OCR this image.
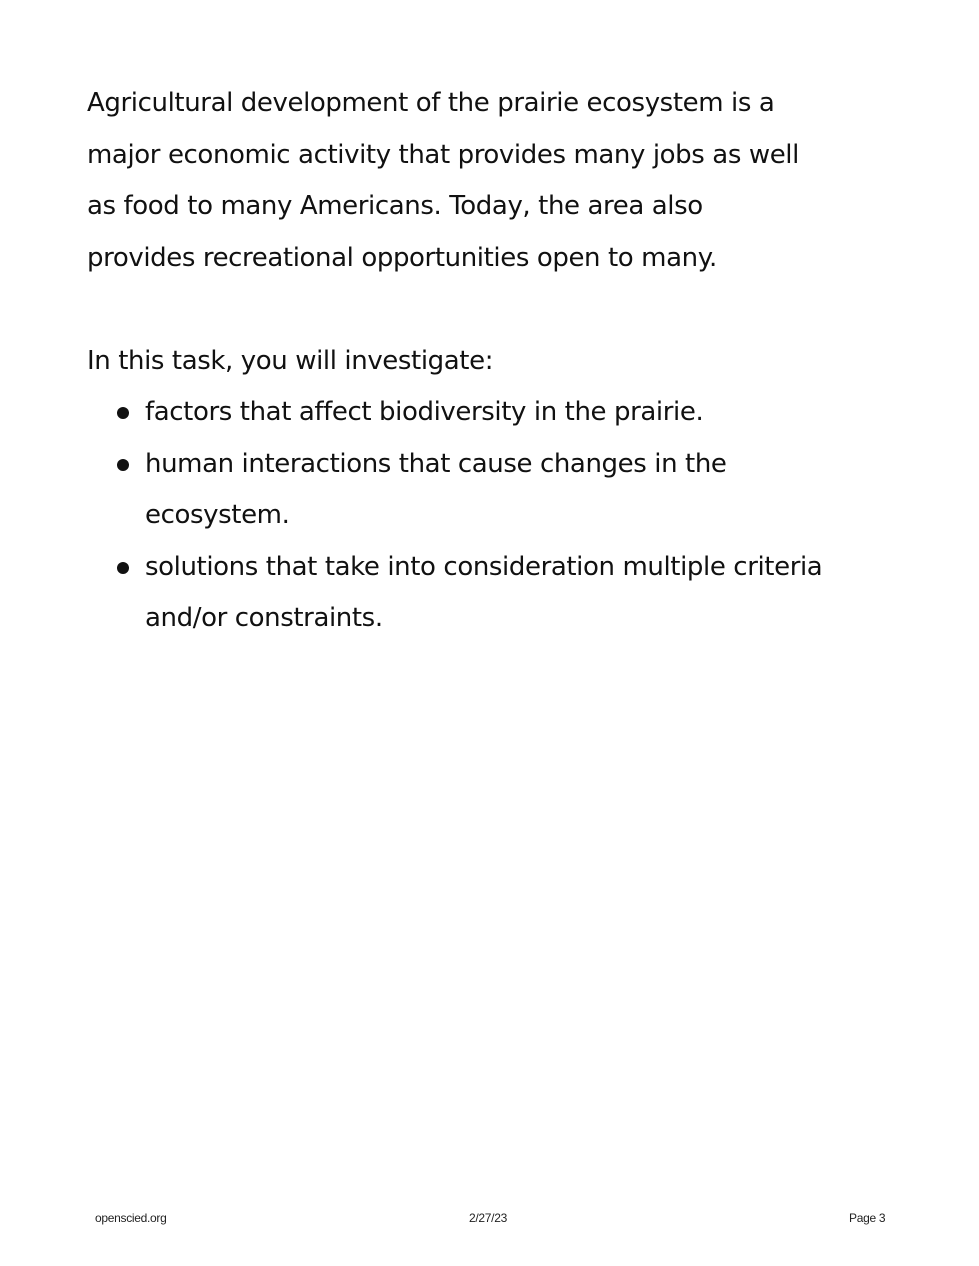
Agricultural development of the prairie ecosystem is a
major economic activity that provides many jobs as well
as food to many Americans. Today, the area also
provides recreational opportunities open to many.

In this task, you will investigate:

factors that affect biodiversity in the prairie.
human interactions that cause changes in the
ecosystem.
solutions that take into consideration multiple criteria
and/or constraints.
openscied.org	2/27/23	Page 3
